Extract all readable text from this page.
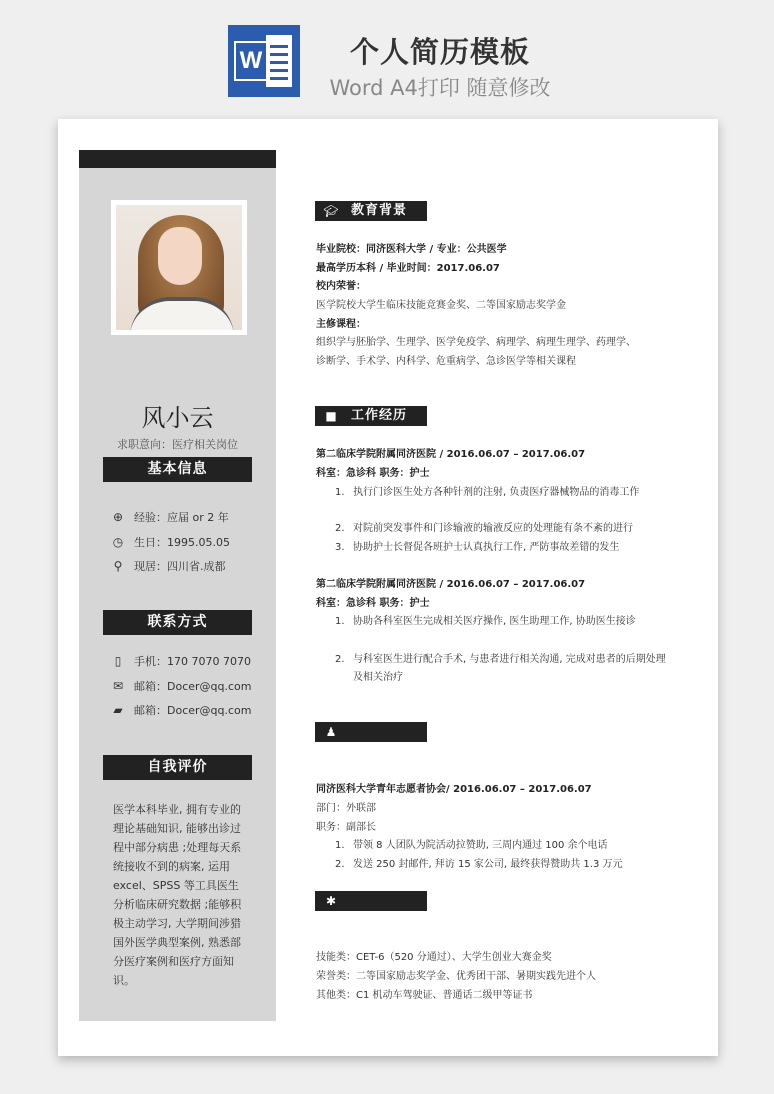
W	个人简历模板
Word A4打印 随意修改
风小云
求职意向：医疗相关岗位
基本信息
⊕ 经验：应届 or 2 年
◷ 生日：1995.05.05
⚲ 现居：四川省.成都
联系方式
▯ 手机：170 7070 7070
✉ 邮箱：Docer@qq.com
▰ 邮箱：Docer@qq.com
自我评价
医学本科毕业, 拥有专业的理论基础知识, 能够出诊过程中部分病患 ;处理每天系统接收不到的病案, 运用excel、SPSS 等工具医生分析临床研究数据 ;能够积极主动学习, 大学期间涉猎国外医学典型案例, 熟悉部分医疗案例和医疗方面知识。
🎓︎ 教育背景
毕业院校：同济医科大学 / 专业：公共医学
最高学历本科 / 毕业时间：2017.06.07
校内荣誉：
医学院校大学生临床技能竞赛金奖、二等国家励志奖学金
主修课程：
组织学与胚胎学、生理学、医学免疫学、病理学、病理生理学、药理学、
诊断学、手术学、内科学、危重病学、急诊医学等相关课程
■	工作经历
第二临床学院附属同济医院 / 2016.06.07 – 2017.06.07
科室：急诊科 职务：护士
1. 执行门诊医生处方各种针剂的注射, 负责医疗器械物品的消毒工作
2. 对院前突发事件和门诊输液的输液反应的处理能有条不紊的进行
3. 协助护士长督促各班护士认真执行工作, 严防事故差错的发生
第二临床学院附属同济医院 / 2016.06.07 – 2017.06.07
科室：急诊科 职务：护士
1. 协助各科室医生完成相关医疗操作, 医生助理工作, 协助医生接诊
2. 与科室医生进行配合手术, 与患者进行相关沟通, 完成对患者的后期处理及相关治疗
♟
同济医科大学青年志愿者协会/ 2016.06.07 – 2017.06.07
部门：外联部
职务：副部长
1. 带领 8 人团队为院活动拉赞助, 三周内通过 100 余个电话
2. 发送 250 封邮件, 拜访 15 家公司, 最终获得赞助共 1.3 万元
✱
技能类：CET-6（520 分通过）、大学生创业大赛金奖
荣誉类：二等国家励志奖学金、优秀团干部、暑期实践先进个人
其他类：C1 机动车驾驶证、普通话二级甲等证书
